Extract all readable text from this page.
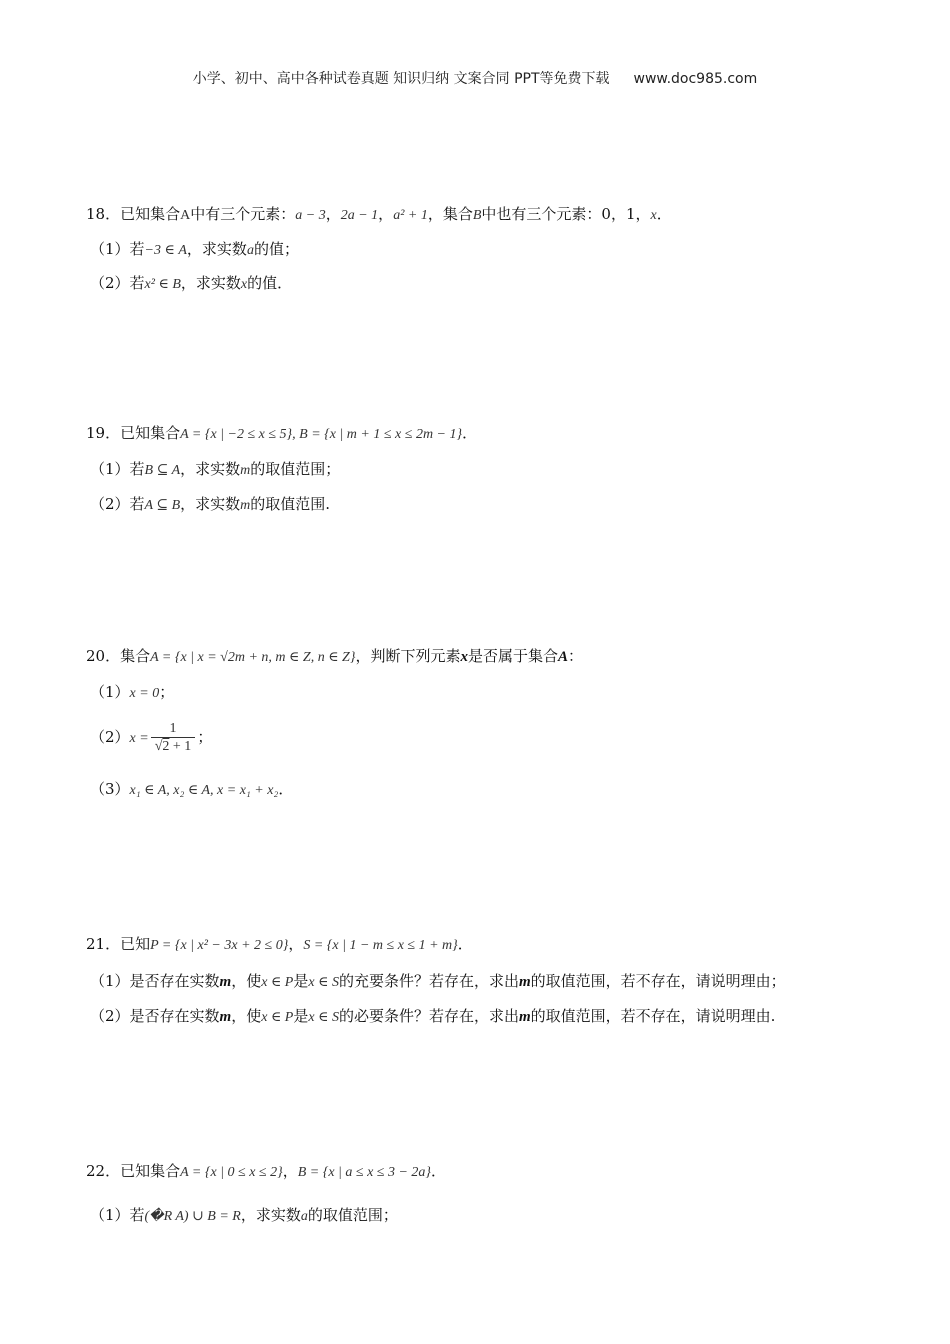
小学、初中、高中各种试卷真题 知识归纳 文案合同 PPT等免费下载 www.doc985.com
18．已知集合A中有三个元素：a − 3，2a − 1，a² + 1，集合B中也有三个元素：0，1，x．
（1）若−3 ∈ A，求实数a的值；
（2）若x² ∈ B，求实数x的值．
19．已知集合A = {x | −2 ≤ x ≤ 5}, B = {x | m + 1 ≤ x ≤ 2m − 1}．
（1）若B ⊆ A，求实数m的取值范围；
（2）若A ⊆ B，求实数m的取值范围.
20．集合A = {x | x = √2m + n, m ∈ Z, n ∈ Z}，判断下列元素x是否属于集合A：
（1）x = 0；
$(2)x = \frac{1}{√2 + 1}$ ；
（3）x₁ ∈ A, x₂ ∈ A, x = x₁ + x₂．
21．已知P = {x | x² − 3x + 2 ≤ 0}，S = {x | 1 − m ≤ x ≤ 1 + m}．
（1）是否存在实数m，使x ∈ P是x ∈ S的充要条件？若存在，求出m的取值范围，若不存在，请说明理由；
（2）是否存在实数m，使x ∈ P是x ∈ S的必要条件？若存在，求出m的取值范围，若不存在，请说明理由.
22．已知集合A = {x | 0 ≤ x ≤ 2}，B = {x | a ≤ x ≤ 3 − 2a}．
（1）若(�R A) ∪ B = R，求实数a的取值范围；
